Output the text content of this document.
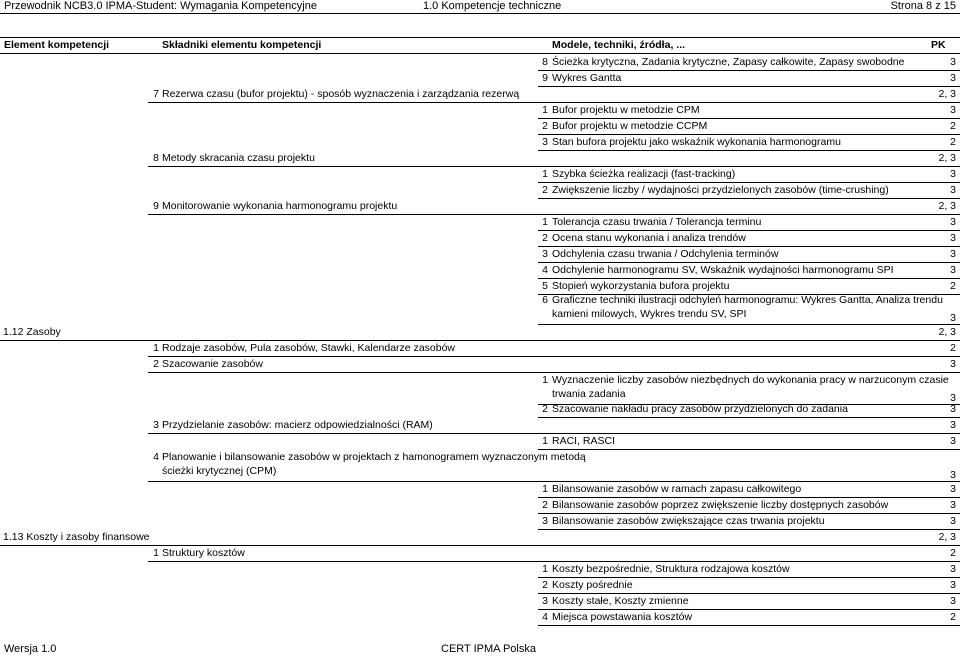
Przewodnik NCB3.0 IPMA-Student: Wymagania Kompetencyjne	1.0 Kompetencje techniczne	Strona 8 z 15
Element kompetencji	Składniki elementu kompetencji	Modele, techniki, źródła, ...	PK
8 Ścieżka krytyczna, Zadania krytyczne, Zapasy całkowite, Zapasy swobodne	3
9 Wykres Gantta	3
7 Rezerwa czasu (bufor projektu) - sposób wyznaczenia i zarządzania rezerwą	2, 3
1 Bufor projektu w metodzie CPM	3
2 Bufor projektu w metodzie CCPM	2
3 Stan bufora projektu jako wskaźnik wykonania harmonogramu	2
8 Metody skracania czasu projektu	2, 3
1 Szybka ścieżka realizacji (fast-tracking)	3
2 Zwiększenie liczby / wydajności przydzielonych zasobów (time-crushing)	3
9 Monitorowanie wykonania harmonogramu projektu	2, 3
1 Tolerancja czasu trwania / Tolerancja terminu	3
2 Ocena stanu wykonania i analiza trendów	3
3 Odchylenia czasu trwania / Odchylenia terminów	3
4 Odchylenie harmonogramu SV, Wskaźnik wydajności harmonogramu SPI	3
5 Stopień wykorzystania bufora projektu	2
6 Graficzne techniki ilustracji odchyleń harmonogramu: Wykres Gantta, Analiza trendu
kamieni milowych, Wykres trendu SV, SPI	3
1.12 Zasoby	2, 3
1 Rodzaje zasobów, Pula zasobów, Stawki, Kalendarze zasobów	2
2 Szacowanie zasobów	3
1 Wyznaczenie liczby zasobów niezbędnych do wykonania pracy w narzuconym czasie
trwania zadania	3
2 Szacowanie nakładu pracy zasobów przydzielonych do zadania	3
3 Przydzielanie zasobów: macierz odpowiedzialności (RAM)	3
1 RACI, RASCI	3
4 Planowanie i bilansowanie zasobów w projektach z hamonogramem wyznaczonym metodą
ścieżki krytycznej (CPM)	3
1 Bilansowanie zasobów w ramach zapasu całkowitego	3
2 Bilansowanie zasobów poprzez zwiększenie liczby dostępnych zasobów	3
3 Bilansowanie zasobów zwiększające czas trwania projektu	3
1.13 Koszty i zasoby finansowe	2, 3
1 Struktury kosztów	2
1 Koszty bezpośrednie, Struktura rodzajowa kosztów	3
2 Koszty pośrednie	3
3 Koszty stałe, Koszty zmienne	3
4 Miejsca powstawania kosztów	2
Wersja 1.0	CERT IPMA Polska
